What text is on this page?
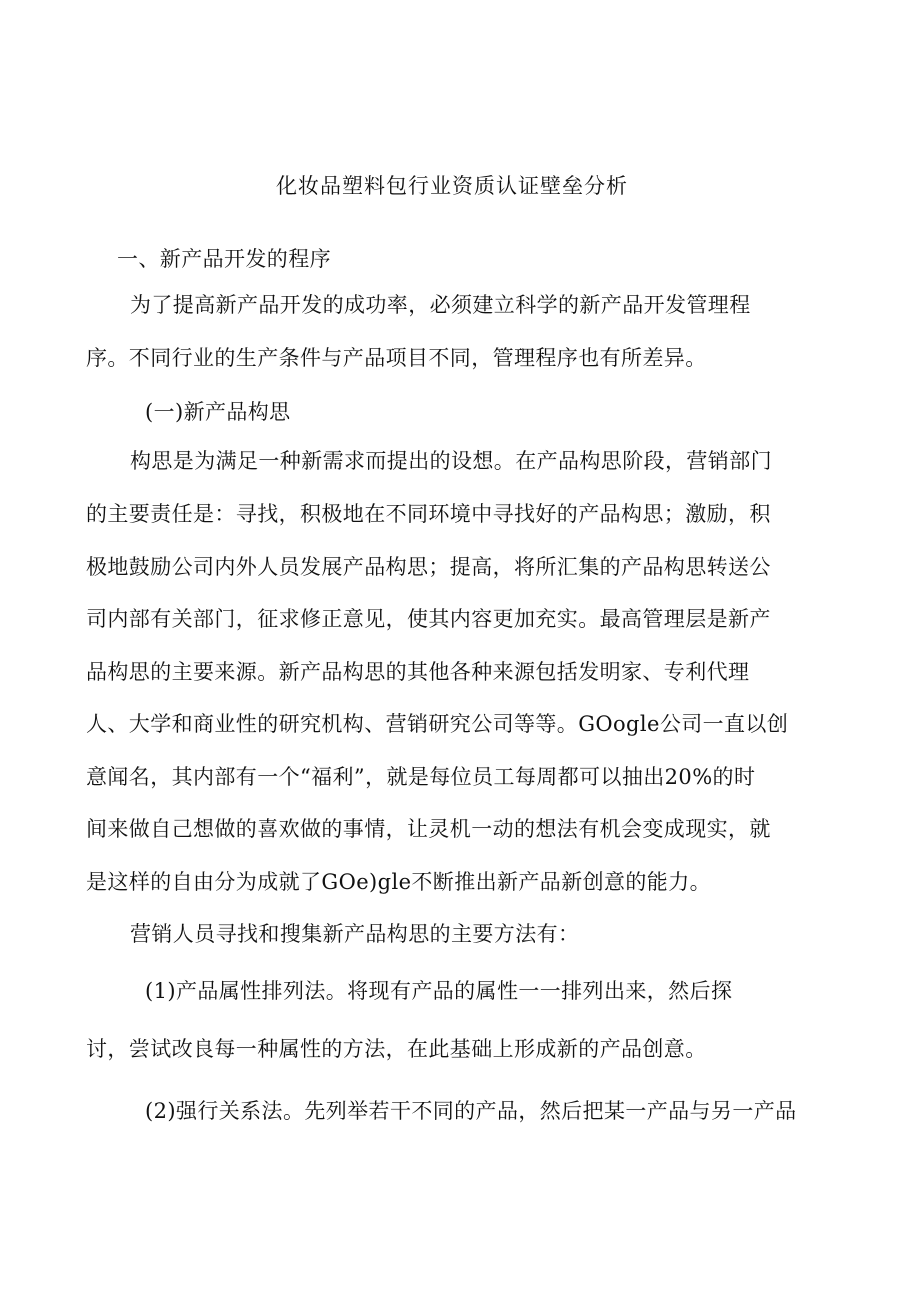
化妆品塑料包行业资质认证壁垒分析
一、新产品开发的程序
为了提高新产品开发的成功率，必须建立科学的新产品开发管理程
序。不同行业的生产条件与产品项目不同，管理程序也有所差异。
(一)新产品构思
构思是为满足一种新需求而提出的设想。在产品构思阶段，营销部门
的主要责任是：寻找，积极地在不同环境中寻找好的产品构思；激励，积
极地鼓励公司内外人员发展产品构思；提高，将所汇集的产品构思转送公
司内部有关部门，征求修正意见，使其内容更加充实。最高管理层是新产
品构思的主要来源。新产品构思的其他各种来源包括发明家、专利代理
人、大学和商业性的研究机构、营销研究公司等等。GOogle公司一直以创
意闻名，其内部有一个“福利”，就是每位员工每周都可以抽出20%的时
间来做自己想做的喜欢做的事情，让灵机一动的想法有机会变成现实，就
是这样的自由分为成就了GOe)gle不断推出新产品新创意的能力。
营销人员寻找和搜集新产品构思的主要方法有：
(1)产品属性排列法。将现有产品的属性一一排列出来，然后探
讨，尝试改良每一种属性的方法，在此基础上形成新的产品创意。
(2)强行关系法。先列举若干不同的产品，然后把某一产品与另一产品
